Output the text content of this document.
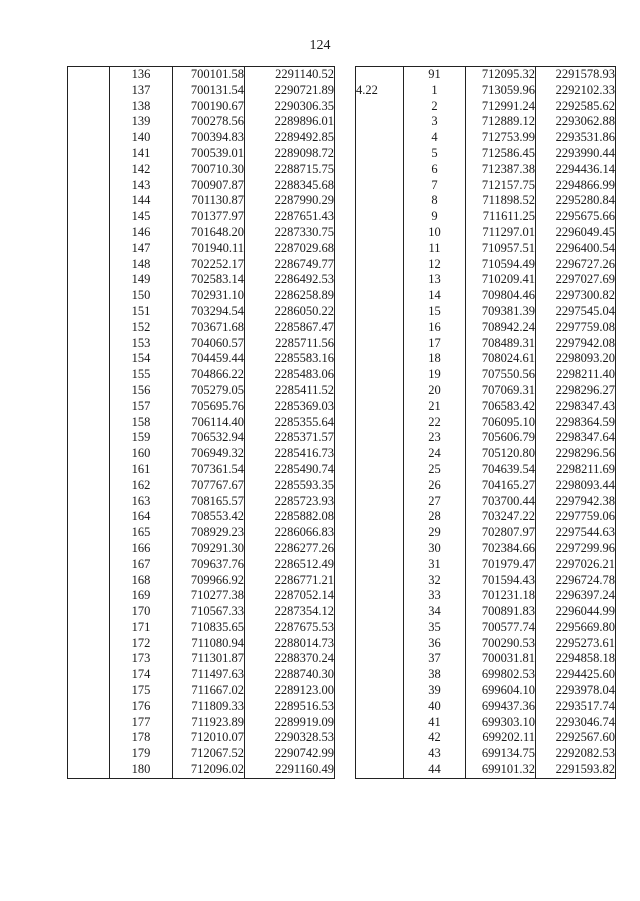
124
	136	700101.58	2291140.52
	137	700131.54	2290721.89
	138	700190.67	2290306.35
	139	700278.56	2289896.01
	140	700394.83	2289492.85
	141	700539.01	2289098.72
	142	700710.30	2288715.75
	143	700907.87	2288345.68
	144	701130.87	2287990.29
	145	701377.97	2287651.43
	146	701648.20	2287330.75
	147	701940.11	2287029.68
	148	702252.17	2286749.77
	149	702583.14	2286492.53
	150	702931.10	2286258.89
	151	703294.54	2286050.22
	152	703671.68	2285867.47
	153	704060.57	2285711.56
	154	704459.44	2285583.16
	155	704866.22	2285483.06
	156	705279.05	2285411.52
	157	705695.76	2285369.03
	158	706114.40	2285355.64
	159	706532.94	2285371.57
	160	706949.32	2285416.73
	161	707361.54	2285490.74
	162	707767.67	2285593.35
	163	708165.57	2285723.93
	164	708553.42	2285882.08
	165	708929.23	2286066.83
	166	709291.30	2286277.26
	167	709637.76	2286512.49
	168	709966.92	2286771.21
	169	710277.38	2287052.14
	170	710567.33	2287354.12
	171	710835.65	2287675.53
	172	711080.94	2288014.73
	173	711301.87	2288370.24
	174	711497.63	2288740.30
	175	711667.02	2289123.00
	176	711809.33	2289516.53
	177	711923.89	2289919.09
	178	712010.07	2290328.53
	179	712067.52	2290742.99
	180	712096.02	2291160.49
	91	712095.32	2291578.93
4.22	1	713059.96	2292102.33
	2	712991.24	2292585.62
	3	712889.12	2293062.88
	4	712753.99	2293531.86
	5	712586.45	2293990.44
	6	712387.38	2294436.14
	7	712157.75	2294866.99
	8	711898.52	2295280.84
	9	711611.25	2295675.66
	10	711297.01	2296049.45
	11	710957.51	2296400.54
	12	710594.49	2296727.26
	13	710209.41	2297027.69
	14	709804.46	2297300.82
	15	709381.39	2297545.04
	16	708942.24	2297759.08
	17	708489.31	2297942.08
	18	708024.61	2298093.20
	19	707550.56	2298211.40
	20	707069.31	2298296.27
	21	706583.42	2298347.43
	22	706095.10	2298364.59
	23	705606.79	2298347.64
	24	705120.80	2298296.56
	25	704639.54	2298211.69
	26	704165.27	2298093.44
	27	703700.44	2297942.38
	28	703247.22	2297759.06
	29	702807.97	2297544.63
	30	702384.66	2297299.96
	31	701979.47	2297026.21
	32	701594.43	2296724.78
	33	701231.18	2296397.24
	34	700891.83	2296044.99
	35	700577.74	2295669.80
	36	700290.53	2295273.61
	37	700031.81	2294858.18
	38	699802.53	2294425.60
	39	699604.10	2293978.04
	40	699437.36	2293517.74
	41	699303.10	2293046.74
	42	699202.11	2292567.60
	43	699134.75	2292082.53
	44	699101.32	2291593.82
